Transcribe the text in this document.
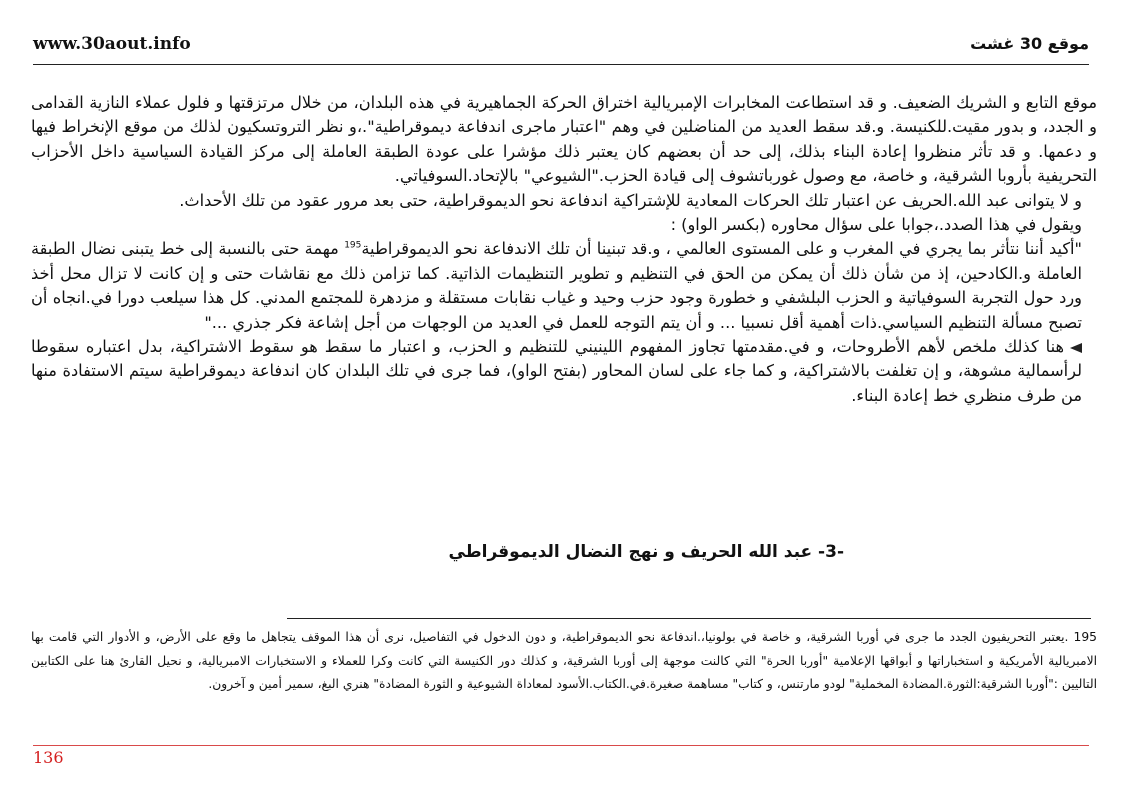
www.30aout.info	موقع 30 غشت

موقع التابع و الشريك الضعيف. و قد استطاعت المخابرات الإمبريالية اختراق الحركة الجماهيرية في هذه البلدان، من خلال مرتزقتها و فلول عملاء النازية القدامى و الجدد، و بدور مقيت.للكنيسة. و.قد سقط العديد من المناضلين في وهم "اعتبار ماجرى اندفاعة ديموقراطية".،و نظر التروتسكيون لذلك من موقع الإنخراط فيها و دعمها. و قد تأثر منظروا إعادة البناء بذلك، إلى حد أن بعضهم كان يعتبر ذلك مؤشرا على عودة الطبقة العاملة إلى مركز القيادة السياسية داخل الأحزاب التحريفية بأروبا الشرقية، و خاصة، مع وصول غورباتشوف إلى قيادة الحزب."الشيوعي" بالإتحاد.السوفياتي.

و لا يتوانى عبد الله.الحريف عن اعتبار تلك الحركات المعادية للإشتراكية اندفاعة نحو الديموقراطية، حتى بعد مرور عقود من تلك الأحداث.

ويقول في هذا الصدد.،جوابا على سؤال محاوره (بكسر الواو) :

"أكيد أننا نتأثر بما يجري في المغرب و على المستوى العالمي ، و.قد تبنينا أن تلك الاندفاعة نحو الديموقراطية$^{195}$ مهمة حتى بالنسبة إلى خط يتبنى نضال الطبقة العاملة و.الكادحين، إذ من شأن ذلك أن يمكن من الحق في التنظيم و تطوير التنظيمات الذاتية. كما تزامن ذلك مع نقاشات حتى و إن كانت لا تزال محل أخذ ورد حول التجربة السوفياتية و الحزب البلشفي و خطورة وجود حزب وحيد و غياب نقابات مستقلة و مزدهرة للمجتمع المدني. كل هذا سيلعب دورا في.انجاه أن تصبح مسألة التنظيم السياسي.ذات أهمية أقل نسبيا ... و أن يتم التوجه للعمل في العديد من الوجهات من أجل إشاعة فكر جذري ..."

هنا كذلك ملخص لأهم الأطروحات، و في.مقدمتها تجاوز المفهوم اللينيني للتنظيم و الحزب، و اعتبار ما سقط هو سقوط الاشتراكية، بدل اعتباره سقوطا لرأسمالية مشوهة، و إن تغلفت بالاشتراكية، و كما جاء على لسان المحاور (بفتح الواو)، فما جرى في تلك البلدان كان اندفاعة ديموقراطية سيتم الاستفادة منها من طرف منظري خط إعادة البناء.

-3- عبد الله الحريف و نهج النضال الديموقراطي

195 .يعتبر التحريفيون الجدد ما جرى في أوربا الشرقية، و خاصة في بولونيا،.اندفاعة نحو الديموقراطية، و دون الدخول في التفاصيل، نرى أن هذا الموقف يتجاهل ما وقع على الأرض، و الأدوار التي قامت بها الامبريالية الأمريكية و استخباراتها و أبواقها الإعلامية "أوربا الحرة" التي كالنت موجهة إلى أوربا الشرقية، و كذلك دور الكنيسة التي كانت وكرا للعملاء و الاستخبارات الامبريالية، و نحيل القارئ هنا على الكتابين التاليين :"أوربا الشرقية:الثورة.المضادة المخملية" لودو مارتنس، و كتاب" مساهمة صغيرة.في.الكتاب.الأسود لمعاداة الشيوعية و الثورة المضادة" هنري البغ، سمير أمين و آخرون.

136
